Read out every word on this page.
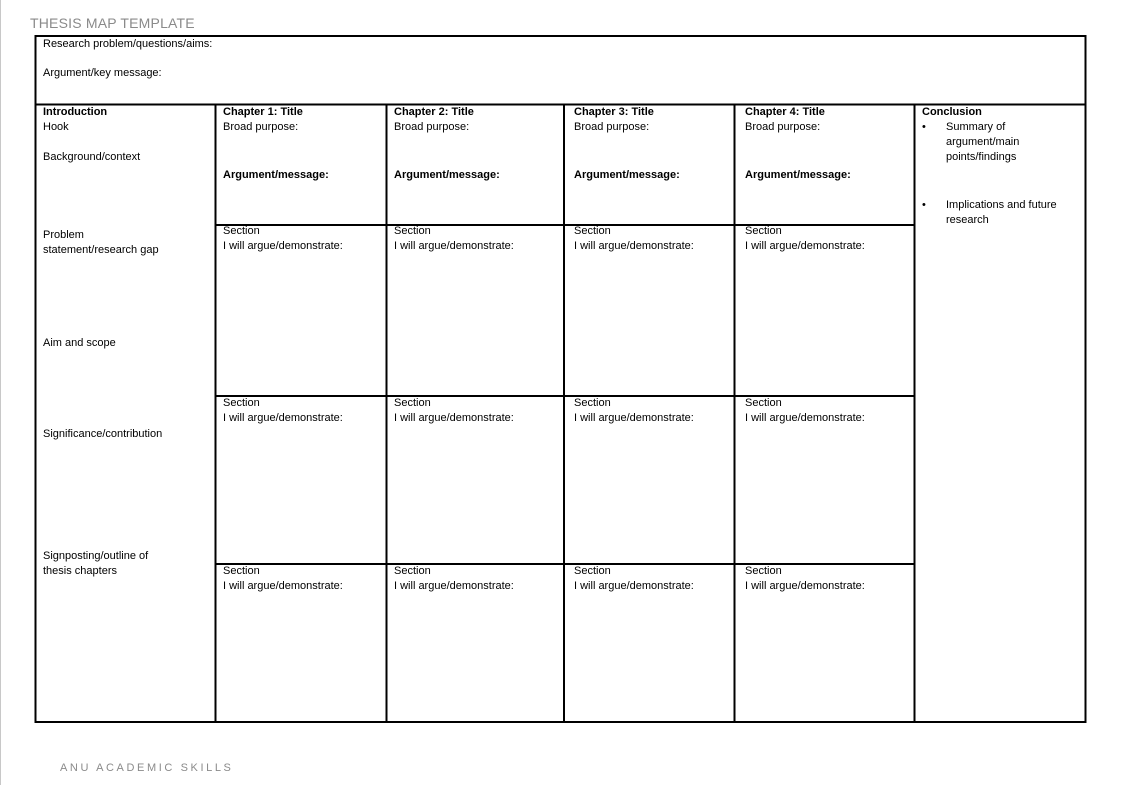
THESIS MAP TEMPLATE
Research problem/questions/aims:
Argument/key message:
Introduction
Hook
Background/context
Problem
statement/research gap
Aim and scope
Significance/contribution
Signposting/outline of
thesis chapters
Chapter 1: Title
Broad purpose:
Argument/message:
Chapter 2: Title
Broad purpose:
Argument/message:
Chapter 3: Title
Broad purpose:
Argument/message:
Chapter 4: Title
Broad purpose:
Argument/message:
Section
I will argue/demonstrate:
Section
I will argue/demonstrate:
Section
I will argue/demonstrate:
Section
I will argue/demonstrate:
Section
I will argue/demonstrate:
Section
I will argue/demonstrate:
Section
I will argue/demonstrate:
Section
I will argue/demonstrate:
Section
I will argue/demonstrate:
Section
I will argue/demonstrate:
Section
I will argue/demonstrate:
Section
I will argue/demonstrate:
Conclusion
• Summary of argument/main points/findings
• Implications and future research
ANU ACADEMIC SKILLS
